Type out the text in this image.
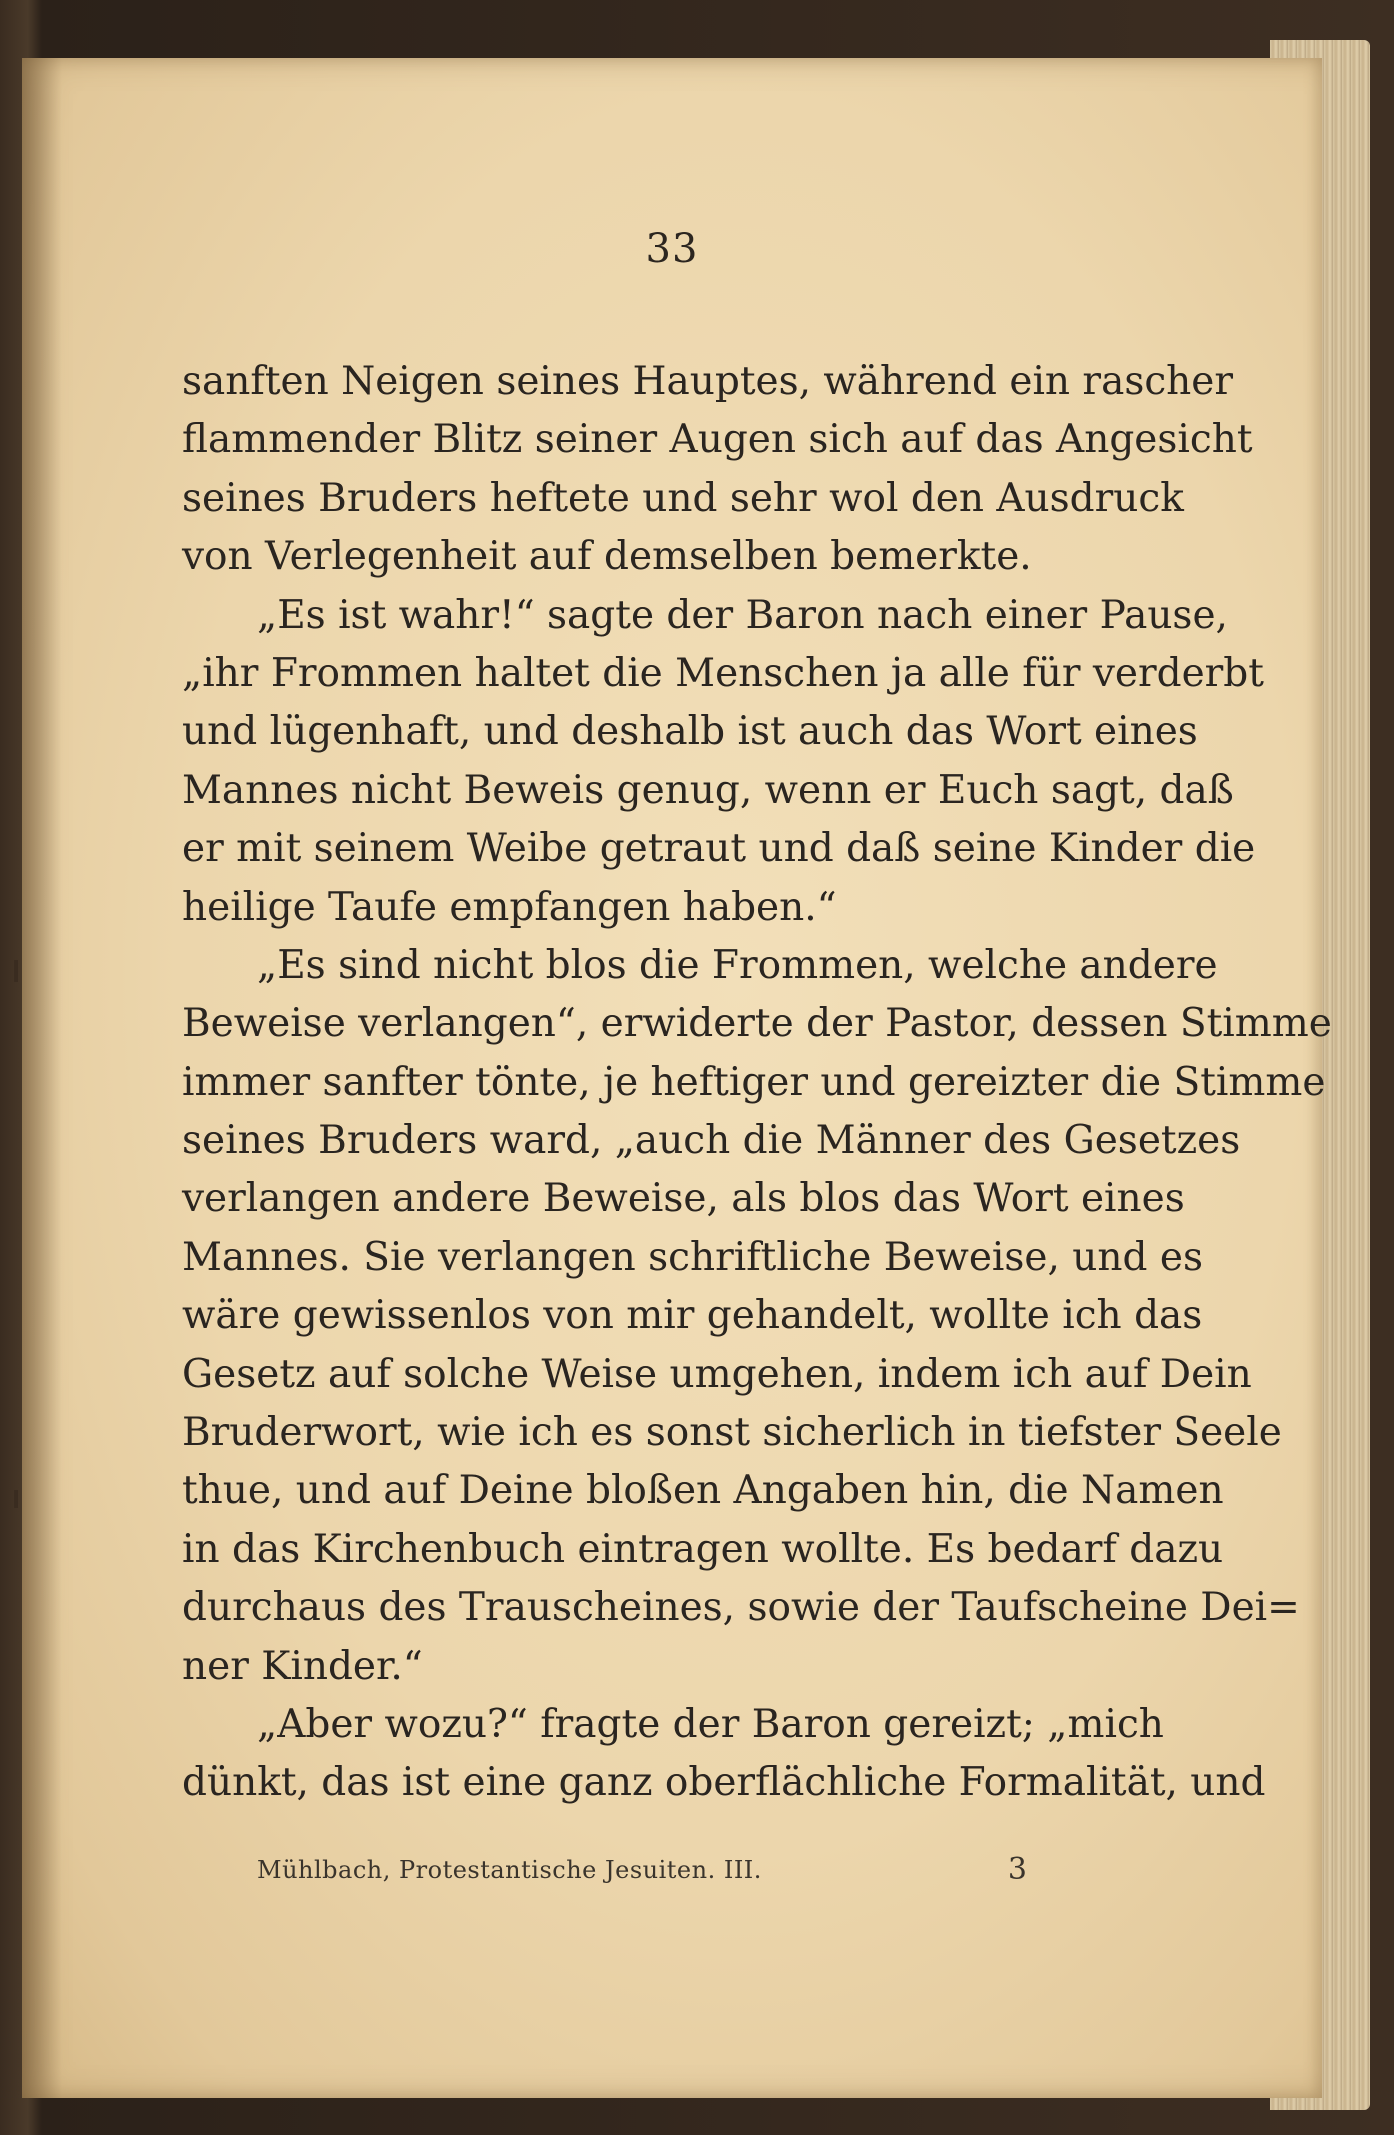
33
sanften Neigen seines Hauptes, während ein rascher
flammender Blitz seiner Augen sich auf das Angesicht
seines Bruders heftete und sehr wol den Ausdruck
von Verlegenheit auf demselben bemerkte.
„Es ist wahr!“ sagte der Baron nach einer Pause,
„ihr Frommen haltet die Menschen ja alle für verderbt
und lügenhaft, und deshalb ist auch das Wort eines
Mannes nicht Beweis genug, wenn er Euch sagt, daß
er mit seinem Weibe getraut und daß seine Kinder die
heilige Taufe empfangen haben.“
„Es sind nicht blos die Frommen, welche andere
Beweise verlangen“, erwiderte der Pastor, dessen Stimme
immer sanfter tönte, je heftiger und gereizter die Stimme
seines Bruders ward, „auch die Männer des Gesetzes
verlangen andere Beweise, als blos das Wort eines
Mannes. Sie verlangen schriftliche Beweise, und es
wäre gewissenlos von mir gehandelt, wollte ich das
Gesetz auf solche Weise umgehen, indem ich auf Dein
Bruderwort, wie ich es sonst sicherlich in tiefster Seele
thue, und auf Deine bloßen Angaben hin, die Namen
in das Kirchenbuch eintragen wollte. Es bedarf dazu
durchaus des Trauscheines, sowie der Taufscheine Dei=
ner Kinder.“
„Aber wozu?“ fragte der Baron gereizt; „mich
dünkt, das ist eine ganz oberflächliche Formalität, und
Mühlbach, Protestantische Jesuiten. III.	3
